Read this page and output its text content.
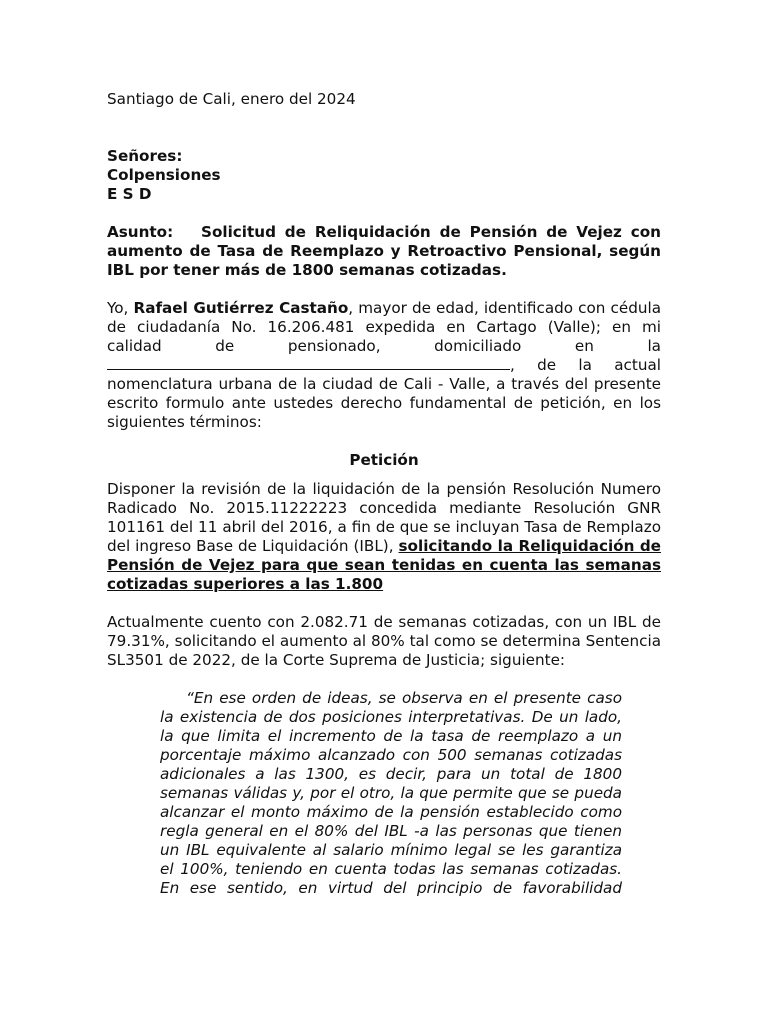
Santiago de Cali, enero del 2024

Señores:

Colpensiones

E S D

Asunto: Solicitud de Reliquidación de Pensión de Vejez con aumento de Tasa de Reemplazo y Retroactivo Pensional, según IBL por tener más de 1800 semanas cotizadas.

Yo, Rafael Gutiérrez Castaño, mayor de edad, identificado con cédula de ciudadanía No. 16.206.481 expedida en Cartago (Valle); en mi calidad de pensionado, domiciliado en la , de la actual nomenclatura urbana de la ciudad de Cali - Valle, a través del presente escrito formulo ante ustedes derecho fundamental de petición, en los siguientes términos:

Petición

Disponer la revisión de la liquidación de la pensión Resolución Numero Radicado No. 2015.11222223 concedida mediante Resolución GNR 101161 del 11 abril del 2016, a fin de que se incluyan Tasa de Remplazo del ingreso Base de Liquidación (IBL), solicitando la Reliquidación de Pensión de Vejez para que sean tenidas en cuenta las semanas cotizadas superiores a las 1.800

Actualmente cuento con 2.082.71 de semanas cotizadas, con un IBL de 79.31%, solicitando el aumento al 80% tal como se determina Sentencia SL3501 de 2022, de la Corte Suprema de Justicia; siguiente:

“En ese orden de ideas, se observa en el presente caso la existencia de dos posiciones interpretativas. De un lado, la que limita el incremento de la tasa de reemplazo a un porcentaje máximo alcanzado con 500 semanas cotizadas adicionales a las 1300, es decir, para un total de 1800 semanas válidas y, por el otro, la que permite que se pueda alcanzar el monto máximo de la pensión establecido como regla general en el 80% del IBL -a las personas que tienen un IBL equivalente al salario mínimo legal se les garantiza el 100%, teniendo en cuenta todas las semanas cotizadas. En ese sentido, en virtud del principio de favorabilidad
